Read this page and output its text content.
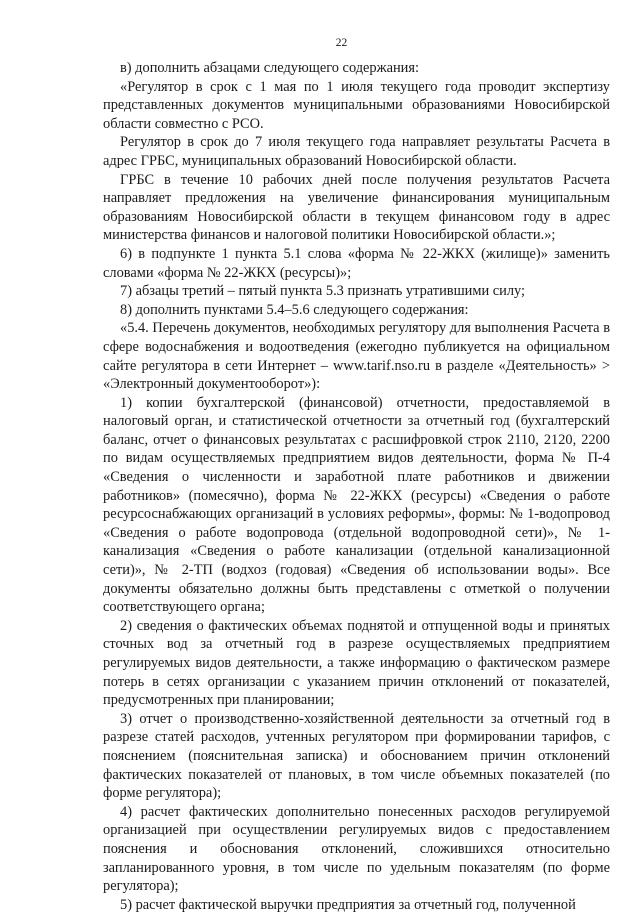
22

в) дополнить абзацами следующего содержания:

«Регулятор в срок с 1 мая по 1 июля текущего года проводит экспертизу представленных документов муниципальными образованиями Новосибирской области совместно с РСО.

Регулятор в срок до 7 июля текущего года направляет результаты Расчета в адрес ГРБС, муниципальных образований Новосибирской области.

ГРБС в течение 10 рабочих дней после получения результатов Расчета направляет предложения на увеличение финансирования муниципальным образованиям Новосибирской области в текущем финансовом году в адрес министерства финансов и налоговой политики Новосибирской области.»;

6) в подпункте 1 пункта 5.1 слова «форма № 22-ЖКХ (жилище)» заменить словами «форма № 22-ЖКХ (ресурсы)»;

7) абзацы третий – пятый пункта 5.3 признать утратившими силу;

8) дополнить пунктами 5.4–5.6 следующего содержания:

«5.4. Перечень документов, необходимых регулятору для выполнения Расчета в сфере водоснабжения и водоотведения (ежегодно публикуется на официальном сайте регулятора в сети Интернет – www.tarif.nso.ru в разделе «Деятельность» > «Электронный документооборот»):

1) копии бухгалтерской (финансовой) отчетности, предоставляемой в налоговый орган, и статистической отчетности за отчетный год (бухгалтерский баланс, отчет о финансовых результатах с расшифровкой строк 2110, 2120, 2200 по видам осуществляемых предприятием видов деятельности, форма № П-4 «Сведения о численности и заработной плате работников и движении работников» (помесячно), форма № 22-ЖКХ (ресурсы) «Сведения о работе ресурсоснабжающих организаций в условиях реформы», формы: № 1-водопровод «Сведения о работе водопровода (отдельной водопроводной сети)», № 1-канализация «Сведения о работе канализации (отдельной канализационной сети)», № 2-ТП (водхоз (годовая) «Сведения об использовании воды». Все документы обязательно должны быть представлены с отметкой о получении соответствующего органа;

2) сведения о фактических объемах поднятой и отпущенной воды и принятых сточных вод за отчетный год в разрезе осуществляемых предприятием регулируемых видов деятельности, а также информацию о фактическом размере потерь в сетях организации с указанием причин отклонений от показателей, предусмотренных при планировании;

3) отчет о производственно-хозяйственной деятельности за отчетный год в разрезе статей расходов, учтенных регулятором при формировании тарифов, с пояснением (пояснительная записка) и обоснованием причин отклонений фактических показателей от плановых, в том числе объемных показателей (по форме регулятора);

4) расчет фактических дополнительно понесенных расходов регулируемой организацией при осуществлении регулируемых видов с предоставлением пояснения и обоснования отклонений, сложившихся относительно запланированного уровня, в том числе по удельным показателям (по форме регулятора);

5) расчет фактической выручки предприятия за отчетный год, полученной
